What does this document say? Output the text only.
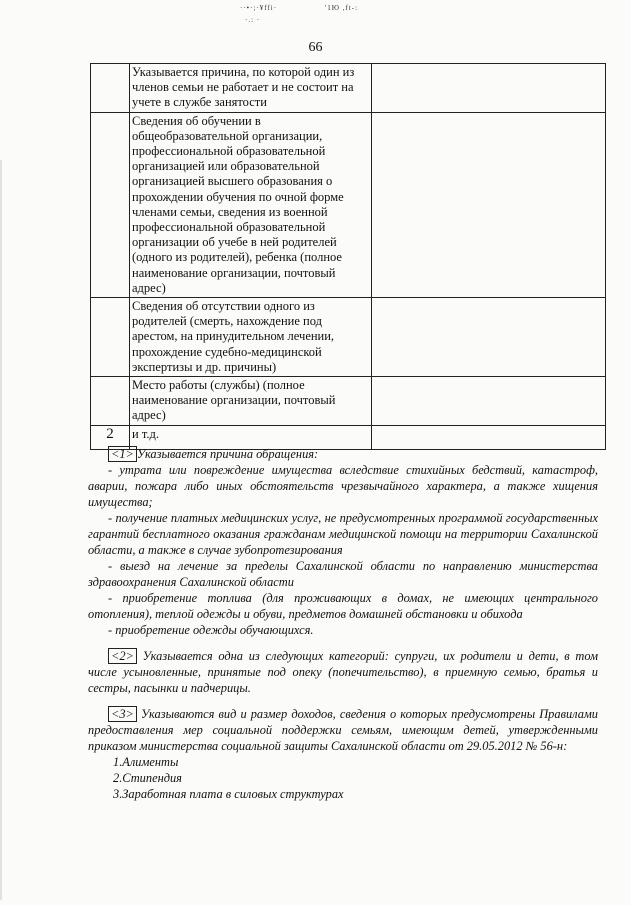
··•·;·¥ffi·	'1Ю ,ft-:
·.: ·
66
	Указывается причина, по которой один из членов семьи не работает и не состоит на учете в службе занятости	
	Сведения об обучении в общеобразовательной организации, профессиональной образовательной организацией или образовательной организацией высшего образования о прохождении обучения по очной форме членами семьи, сведения из военной профессиональной образовательной организации об учебе в ней родителей (одного из родителей), ребенка (полное наименование организации, почтовый адрес)	
	Сведения об отсутствии одного из родителей (смерть, нахождение под арестом, на принудительном лечении, прохождение судебно-медицинской экспертизы и др. причины)	
	Место работы (службы) (полное наименование организации, почтовый адрес)	
2	и т.д.	

<1> Указывается причина обращения:

- утрата или повреждение имущества вследствие стихийных бедствий, катастроф, аварии, пожара либо иных обстоятельств чрезвычайного характера, а также хищения имущества;

- получение платных медицинских услуг, не предусмотренных программой государственных гарантий бесплатного оказания гражданам медицинской помощи на территории Сахалинской области, а также в случае зубопротезирования

- выезд на лечение за пределы Сахалинской области по направлению министерства здравоохранения Сахалинской области

- приобретение топлива (для проживающих в домах, не имеющих центрального отопления), теплой одежды и обуви, предметов домашней обстановки и обихода

- приобретение одежды обучающихся.

<2> Указывается одна из следующих категорий: супруги, их родители и дети, в том числе усыновленные, принятые под опеку (попечительство), в приемную семью, братья и сестры, пасынки и падчерицы.

<3> Указываются вид и размер доходов, сведения о которых предусмотрены Правилами предоставления мер социальной поддержки семьям, имеющим детей, утвержденными приказом министерства социальной защиты Сахалинской области от 29.05.2012 № 56-н:

1.Алименты

2.Стипендия

3.Заработная плата в силовых структурах
